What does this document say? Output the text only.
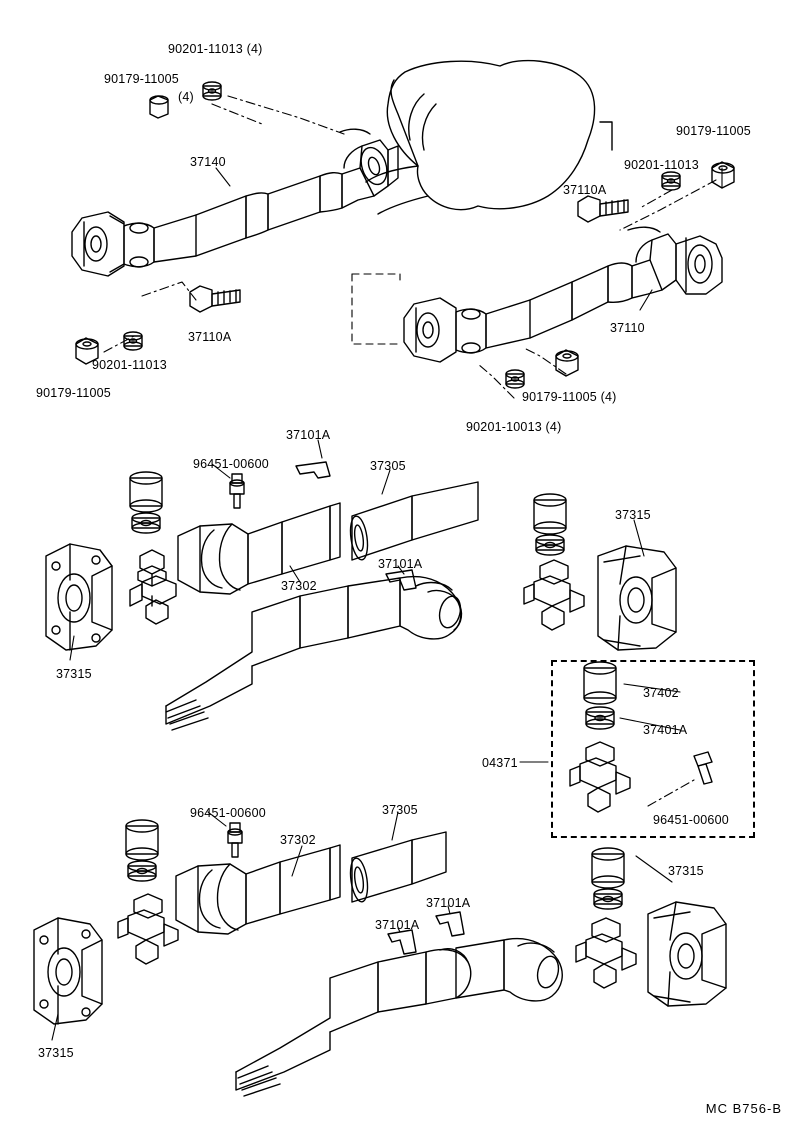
90201-11013 (4)
90179-11005
(4)
37140
90179-11005
90201-11013
37110A
37110
37110A
90201-11013
90179-11005	90179-11005 (4)
90201-10013 (4)
37101A
96451-00600	37305
37315
37101A
37302
37315
37402
37401A
04371
96451-00600
96451-00600	37305
37302
37315
37101A
37101A
37315
MC B756-B
